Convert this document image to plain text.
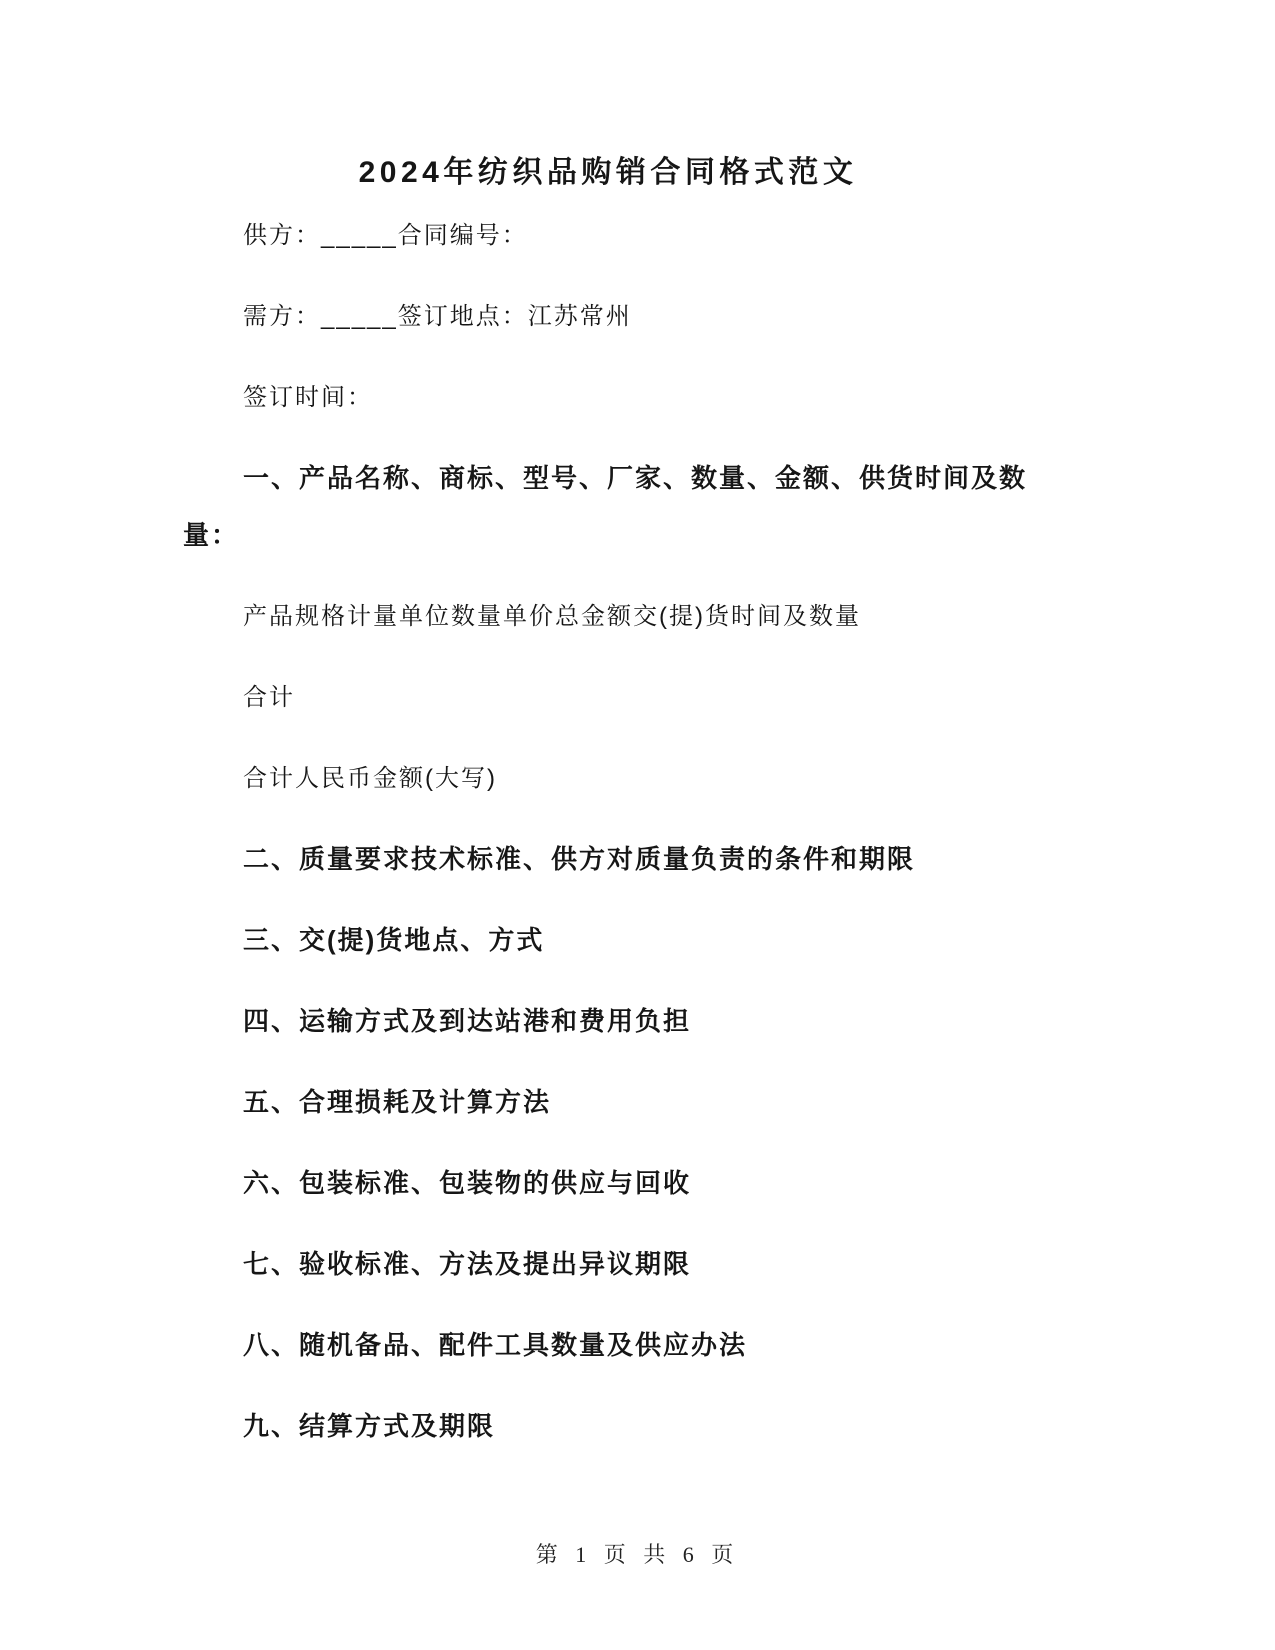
2024年纺织品购销合同格式范文
供方：_____合同编号：
需方：_____签订地点：江苏常州
签订时间：
一、产品名称、商标、型号、厂家、数量、金额、供货时间及数量：
产品规格计量单位数量单价总金额交(提)货时间及数量
合计
合计人民币金额(大写)
二、质量要求技术标准、供方对质量负责的条件和期限
三、交(提)货地点、方式
四、运输方式及到达站港和费用负担
五、合理损耗及计算方法
六、包装标准、包装物的供应与回收
七、验收标准、方法及提出异议期限
八、随机备品、配件工具数量及供应办法
九、结算方式及期限
第 1 页 共 6 页
